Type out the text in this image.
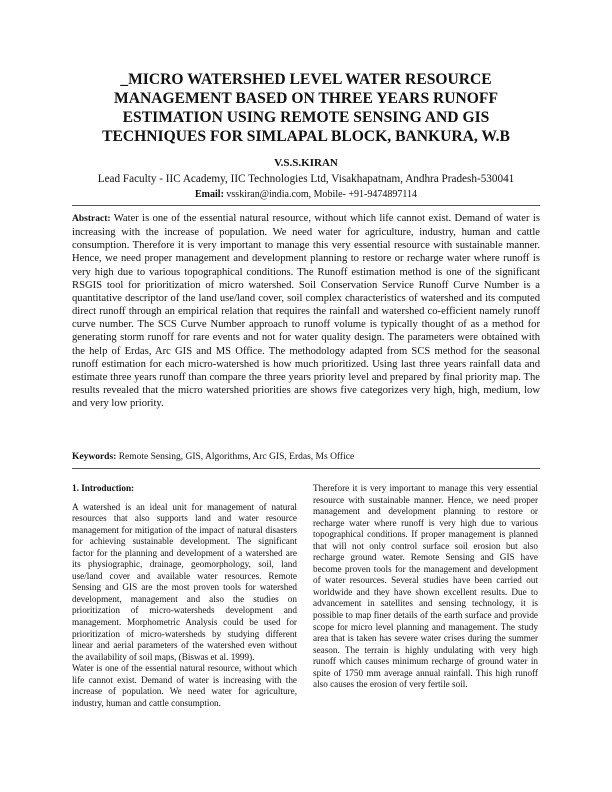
_MICRO WATERSHED LEVEL WATER RESOURCE
MANAGEMENT BASED ON THREE YEARS RUNOFF
ESTIMATION USING REMOTE SENSING AND GIS
TECHNIQUES FOR SIMLAPAL BLOCK, BANKURA, W.B
V.S.S.KIRAN
Lead Faculty - IIC Academy, IIC Technologies Ltd, Visakhapatnam, Andhra Pradesh-530041
Email: vsskiran@india.com, Mobile- +91-9474897114
Abstract: Water is one of the essential natural resource, without which life cannot exist. Demand of water is increasing with the increase of population. We need water for agriculture, industry, human and cattle consumption. Therefore it is very important to manage this very essential resource with sustainable manner. Hence, we need proper management and development planning to restore or recharge water where runoff is very high due to various topographical conditions. The Runoff estimation method is one of the significant RSGIS tool for prioritization of micro watershed. Soil Conservation Service Runoff Curve Number is a quantitative descriptor of the land use/land cover, soil complex characteristics of watershed and its computed direct runoff through an empirical relation that requires the rainfall and watershed co-efficient namely runoff curve number. The SCS Curve Number approach to runoff volume is typically thought of as a method for generating storm runoff for rare events and not for water quality design. The parameters were obtained with the help of Erdas, Arc GIS and MS Office. The methodology adapted from SCS method for the seasonal runoff estimation for each micro-watershed is how much prioritized. Using last three years rainfall data and estimate three years runoff than compare the three years priority level and prepared by final priority map. The results revealed that the micro watershed priorities are shows five categorizes very high, high, medium, low and very low priority.
Keywords: Remote Sensing, GIS, Algorithms, Arc GIS, Erdas, Ms Office
1. Introduction:

A watershed is an ideal unit for management of natural resources that also supports land and water resource management for mitigation of the impact of natural disasters for achieving sustainable development. The significant factor for the planning and development of a watershed are its physiographic, drainage, geomorphology, soil, land use/land cover and available water resources. Remote Sensing and GIS are the most proven tools for watershed development, management and also the studies on prioritization of micro-watersheds development and management. Morphometric Analysis could be used for prioritization of micro-watersheds by studying different linear and aerial parameters of the watershed even without the availability of soil maps, (Biswas et al. 1999).

Water is one of the essential natural resource, without which life cannot exist. Demand of water is increasing with the increase of population. We need water for agriculture, industry, human and cattle consumption.

Therefore it is very important to manage this very essential resource with sustainable manner. Hence, we need proper management and development planning to restore or recharge water where runoff is very high due to various topographical conditions. If proper management is planned that will not only control surface soil erosion but also recharge ground water. Remote Sensing and GIS have become proven tools for the management and development of water resources. Several studies have been carried out worldwide and they have shown excellent results. Due to advancement in satellites and sensing technology, it is possible to map finer details of the earth surface and provide scope for micro level planning and management. The study area that is taken has severe water crises during the summer season. The terrain is highly undulating with very high runoff which causes minimum recharge of ground water in spite of 1750 mm average annual rainfall. This high runoff also causes the erosion of very fertile soil.
